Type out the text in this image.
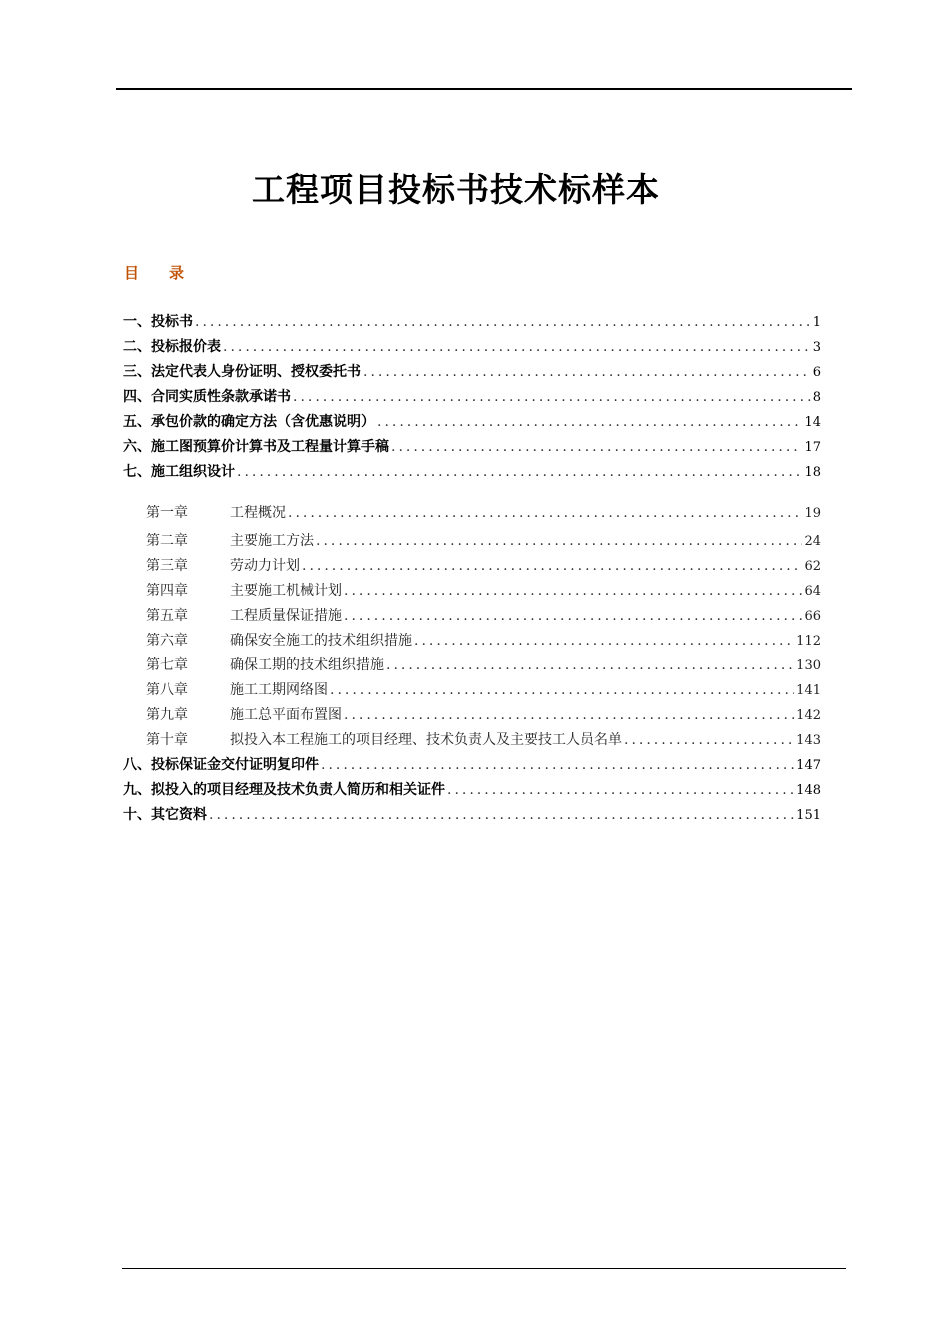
工程项目投标书技术标样本
目 录
一、投标书 .....	1
二、投标报价表 .....	3
三、法定代表人身份证明、授权委托书 .....	6
四、合同实质性条款承诺书 .....	8
五、承包价款的确定方法（含优惠说明） .....	14
六、施工图预算价计算书及工程量计算手稿 .....	17
七、施工组织设计 .....	18
第一章	工程概况 .....	19
第二章	主要施工方法 .....	24
第三章	劳动力计划 .....	62
第四章	主要施工机械计划 .....	64
第五章	工程质量保证措施 .....	66
第六章	确保安全施工的技术组织措施 .....	112
第七章	确保工期的技术组织措施 .....	130
第八章	施工工期网络图 .....	141
第九章	施工总平面布置图 .....	142
第十章	拟投入本工程施工的项目经理、技术负责人及主要技工人员名单 .....	143
八、投标保证金交付证明复印件 .....	147
九、拟投入的项目经理及技术负责人简历和相关证件 .....	148
十、其它资料 .....	151
